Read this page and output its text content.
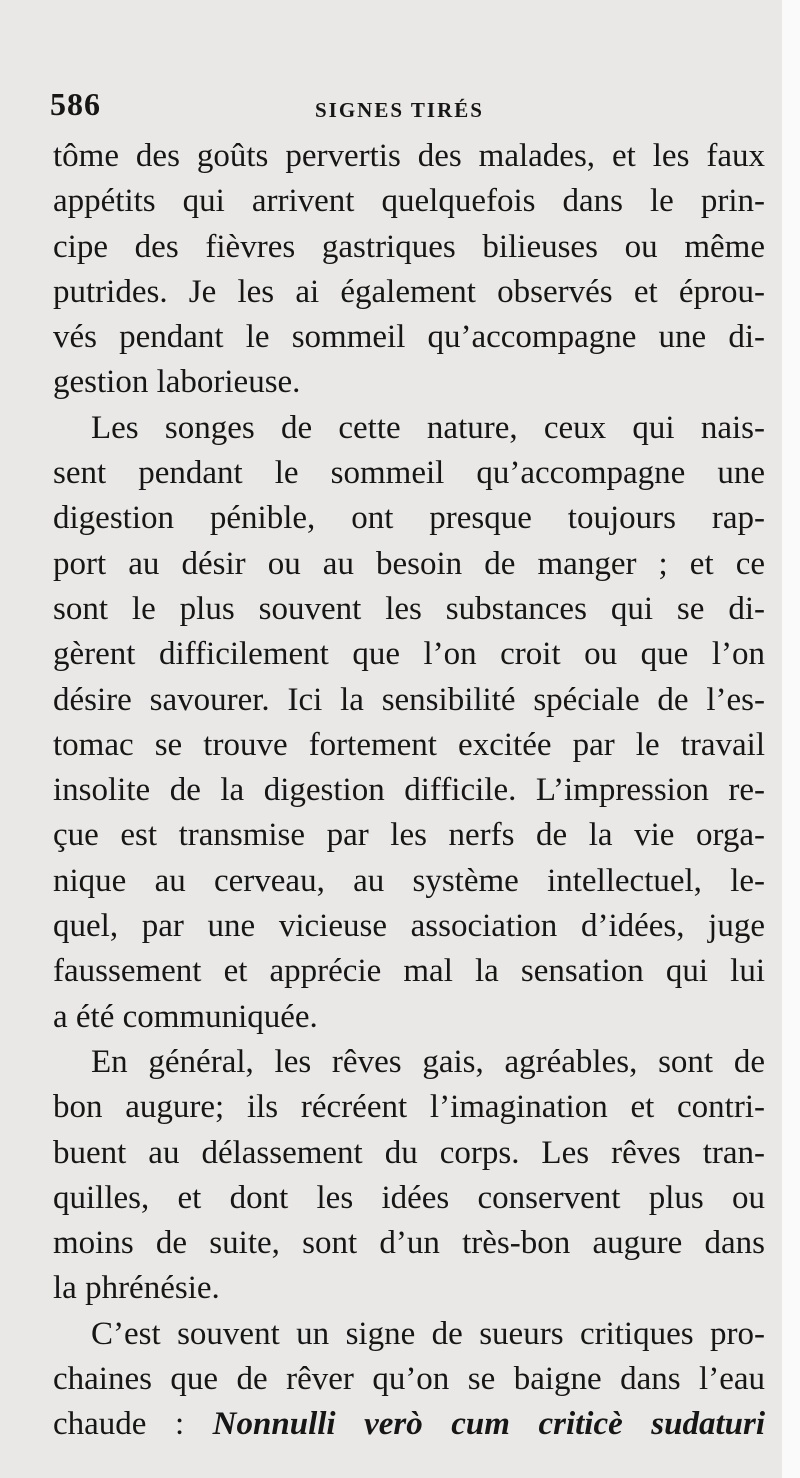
586	SIGNES TIRÉS
tôme des goûts pervertis des malades, et les faux
appétits qui arrivent quelquefois dans le prin-
cipe des fièvres gastriques bilieuses ou même
putrides. Je les ai également observés et éprou-
vés pendant le sommeil qu’accompagne une di-
gestion laborieuse.
Les songes de cette nature, ceux qui nais-
sent pendant le sommeil qu’accompagne une
digestion pénible, ont presque toujours rap-
port au désir ou au besoin de manger ; et ce
sont le plus souvent les substances qui se di-
gèrent difficilement que l’on croit ou que l’on
désire savourer. Ici la sensibilité spéciale de l’es-
tomac se trouve fortement excitée par le travail
insolite de la digestion difficile. L’impression re-
çue est transmise par les nerfs de la vie orga-
nique au cerveau, au système intellectuel, le-
quel, par une vicieuse association d’idées, juge
faussement et apprécie mal la sensation qui lui
a été communiquée.
En général, les rêves gais, agréables, sont de
bon augure; ils récréent l’imagination et contri-
buent au délassement du corps. Les rêves tran-
quilles, et dont les idées conservent plus ou
moins de suite, sont d’un très-bon augure dans
la phrénésie.
C’est souvent un signe de sueurs critiques pro-
chaines que de rêver qu’on se baigne dans l’eau
chaude : Nonnulli verò cum criticè sudaturi
